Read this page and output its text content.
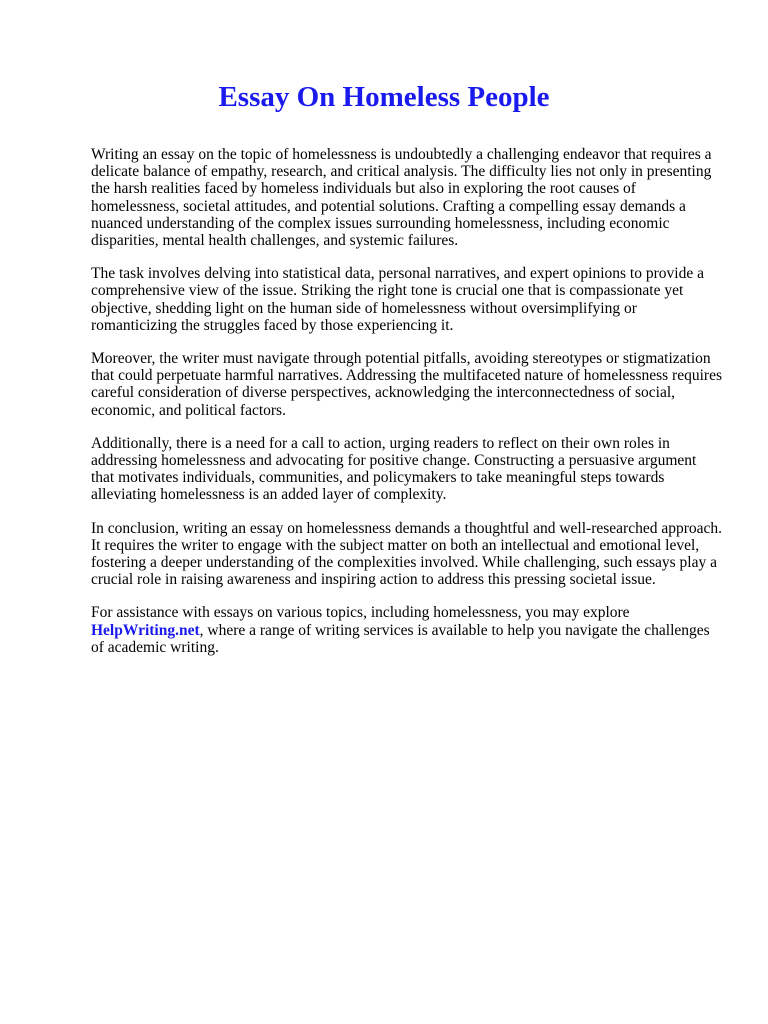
Essay On Homeless People

Writing an essay on the topic of homelessness is undoubtedly a challenging endeavor that requires a
delicate balance of empathy, research, and critical analysis. The difficulty lies not only in presenting
the harsh realities faced by homeless individuals but also in exploring the root causes of
homelessness, societal attitudes, and potential solutions. Crafting a compelling essay demands a
nuanced understanding of the complex issues surrounding homelessness, including economic
disparities, mental health challenges, and systemic failures.

The task involves delving into statistical data, personal narratives, and expert opinions to provide a
comprehensive view of the issue. Striking the right tone is crucial one that is compassionate yet
objective, shedding light on the human side of homelessness without oversimplifying or
romanticizing the struggles faced by those experiencing it.

Moreover, the writer must navigate through potential pitfalls, avoiding stereotypes or stigmatization
that could perpetuate harmful narratives. Addressing the multifaceted nature of homelessness requires
careful consideration of diverse perspectives, acknowledging the interconnectedness of social,
economic, and political factors.

Additionally, there is a need for a call to action, urging readers to reflect on their own roles in
addressing homelessness and advocating for positive change. Constructing a persuasive argument
that motivates individuals, communities, and policymakers to take meaningful steps towards
alleviating homelessness is an added layer of complexity.

In conclusion, writing an essay on homelessness demands a thoughtful and well-researched approach.
It requires the writer to engage with the subject matter on both an intellectual and emotional level,
fostering a deeper understanding of the complexities involved. While challenging, such essays play a
crucial role in raising awareness and inspiring action to address this pressing societal issue.

For assistance with essays on various topics, including homelessness, you may explore
HelpWriting.net, where a range of writing services is available to help you navigate the challenges
of academic writing.
